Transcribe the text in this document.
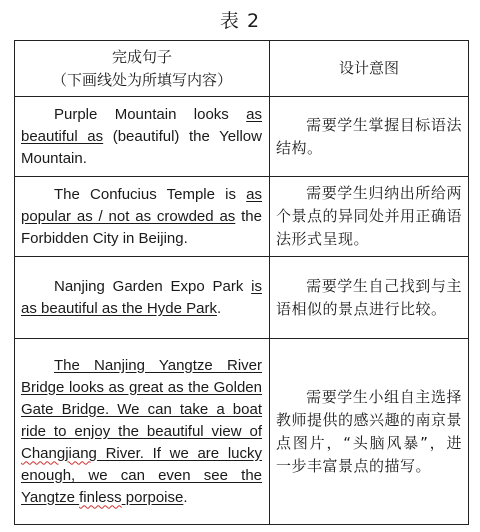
表 2
完成句子
（下画线处为所填写内容）	设计意图
Purple Mountain looks as beautiful as (beautiful) the Yellow Mountain.	需要学生掌握目标语法结构。
The Confucius Temple is as popular as / not as crowded as the Forbidden City in Beijing.	需要学生归纳出所给两个景点的异同处并用正确语法形式呈现。
Nanjing Garden Expo Park is as beautiful as the Hyde Park.	需要学生自己找到与主语相似的景点进行比较。
The Nanjing Yangtze River Bridge looks as great as the Golden Gate Bridge. We can take a boat ride to enjoy the beautiful view of Changjiang River. If we are lucky enough, we can even see the Yangtze finless porpoise.	需要学生小组自主选择教师提供的感兴趣的南京景点图片，“头脑风暴”，进一步丰富景点的描写。
